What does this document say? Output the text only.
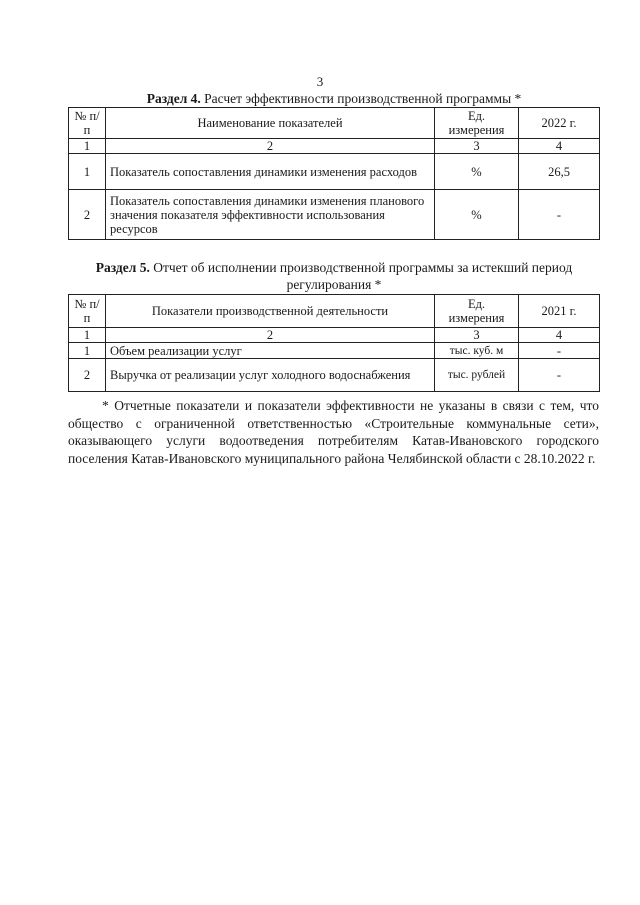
3
Раздел 4. Расчет эффективности производственной программы *
№ п/п	Наименование показателей	Ед. измерения	2022 г.
1	2	3	4
1	Показатель сопоставления динамики изменения расходов	%	26,5
2	Показатель сопоставления динамики изменения планового значения показателя эффективности использования ресурсов	%	-
Раздел 5. Отчет об исполнении производственной программы за истекший период регулирования *
№ п/п	Показатели производственной деятельности	Ед. измерения	2021 г.
1	2	3	4
1	Объем реализации услуг	тыс. куб. м	-
2	Выручка от реализации услуг холодного водоснабжения	тыс. рублей	-

* Отчетные показатели и показатели эффективности не указаны в связи с тем, что общество с ограниченной ответственностью «Строительные коммунальные сети», оказывающего услуги водоотведения потребителям Катав-Ивановского городского поселения Катав-Ивановского муниципального района Челябинской области с 28.10.2022 г.
